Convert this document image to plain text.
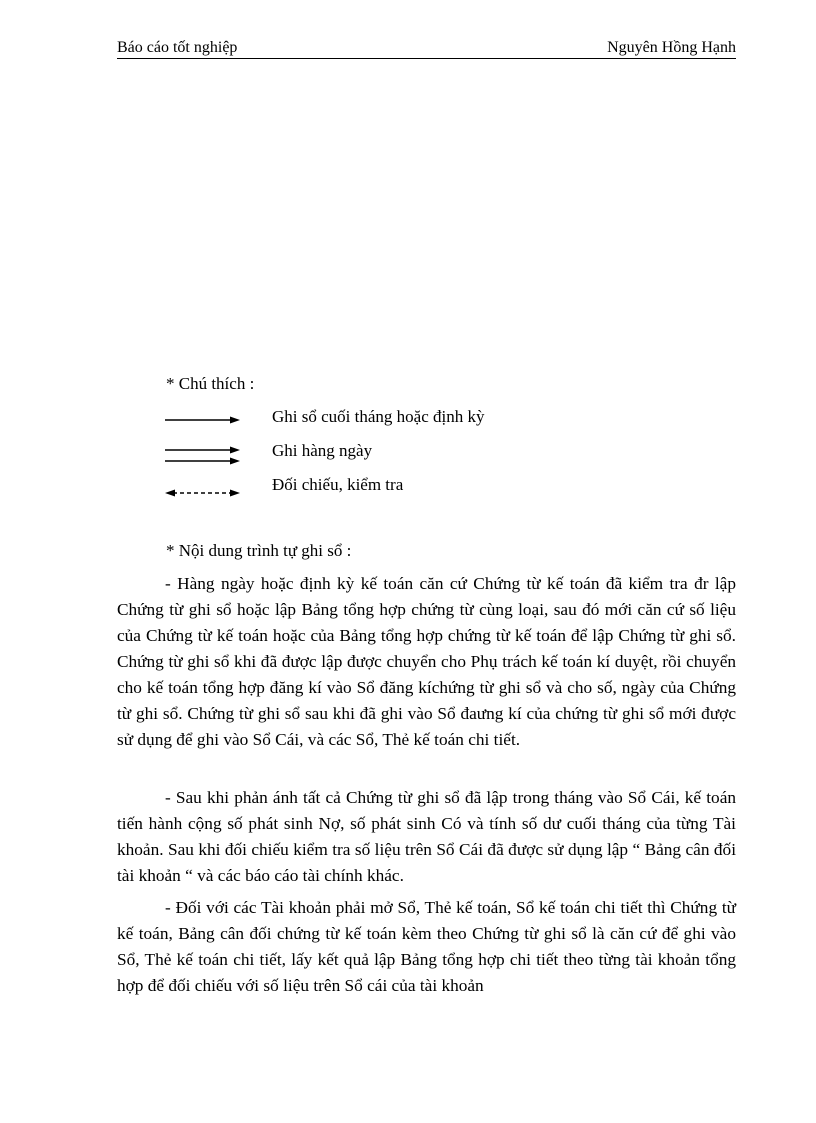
Báo cáo tốt nghiệp	Nguyên Hồng Hạnh
* Chú thích :
Ghi sổ cuối tháng hoặc định kỳ
Ghi hàng ngày
Đối chiếu, kiểm tra
* Nội dung trình tự ghi sổ :

- Hàng ngày hoặc định kỳ kế toán căn cứ Chứng từ kế toán đã kiểm tra đr lập Chứng từ ghi sổ hoặc lập Bảng tổng hợp chứng từ cùng loại, sau đó mới căn cứ số liệu của Chứng từ kế toán hoặc của Bảng tổng hợp chứng từ kế toán để lập Chứng từ ghi sổ. Chứng từ ghi sổ khi đã được lập được chuyển cho Phụ trách kế toán kí duyệt, rồi chuyển cho kế toán tổng hợp đăng kí vào Sổ đăng kíchứng từ ghi sổ và cho số, ngày của Chứng từ ghi sổ. Chứng từ ghi sổ sau khi đã ghi vào Sổ đaưng kí của chứng từ ghi sổ mới được sử dụng để ghi vào Sổ Cái, và các Sổ, Thẻ kế toán chi tiết.

- Sau khi phản ánh tất cả Chứng từ ghi sổ đã lập trong tháng vào Sổ Cái, kế toán tiến hành cộng số phát sinh Nợ, số phát sinh Có và tính số dư cuối tháng của từng Tài khoản. Sau khi đối chiếu kiểm tra số liệu trên Sổ Cái đã được sử dụng lập “ Bảng cân đối tài khoản “ và các báo cáo tài chính khác.

- Đối với các Tài khoản phải mở Sổ, Thẻ kế toán, Sổ kế toán chi tiết thì Chứng từ kế toán, Bảng cân đối chứng từ kế toán kèm theo Chứng từ ghi sổ là căn cứ để ghi vào Sổ, Thẻ kế toán chi tiết, lấy kết quả lập Bảng tổng hợp chi tiết theo từng tài khoản tổng hợp để đối chiếu với số liệu trên Sổ cái của tài khoản
